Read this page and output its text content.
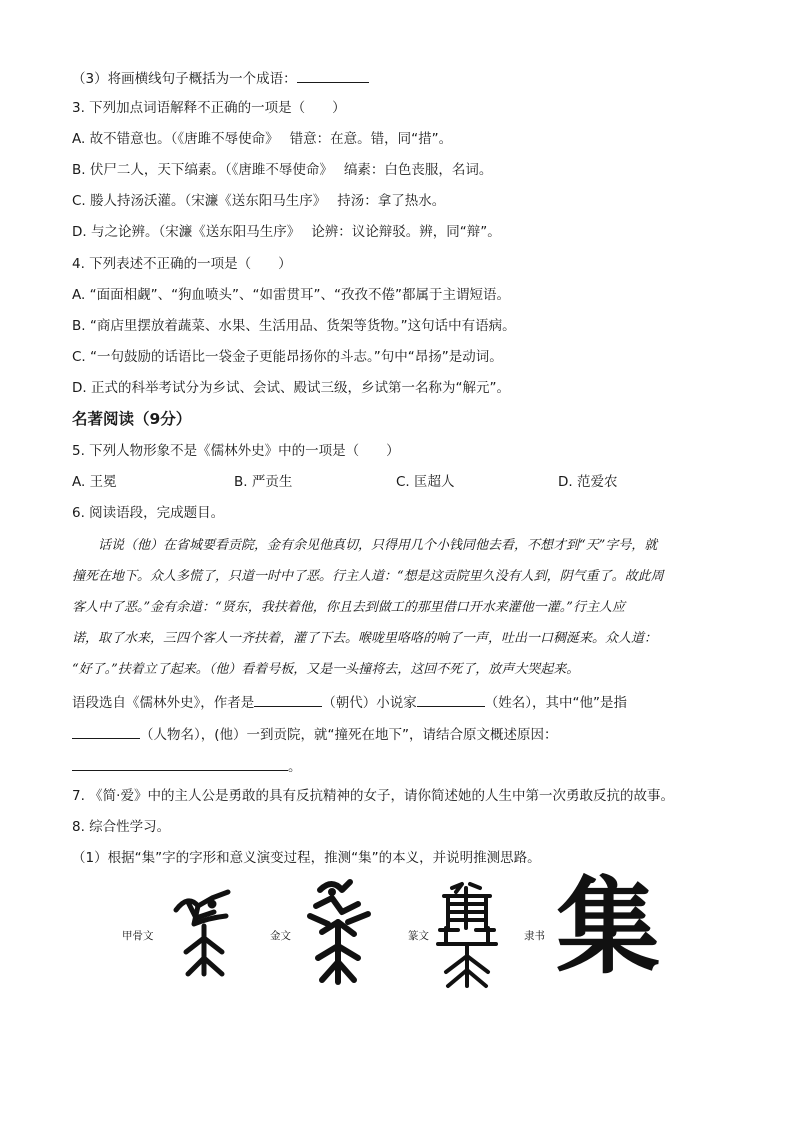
（3）将画横线句子概括为一个成语：
3. 下列加点词语解释不正确的一项是（　　）
A. 故不错意也。（《唐雎不辱使命》　 错意：在意。错，同“措”。
B. 伏尸二人，天下缟素。（《唐雎不辱使命》　 缟素：白色丧服，名词。
C. 媵人持汤沃灌。（宋濂《送东阳马生序》　 持汤：拿了热水。
D. 与之论辨。（宋濂《送东阳马生序》　 论辨：议论辩驳。辨，同“辩”。
4. 下列表述不正确的一项是（　　）
A. “面面相觑”、“狗血喷头”、“如雷贯耳”、“孜孜不倦”都属于主谓短语。
B. “商店里摆放着蔬菜、水果、生活用品、货架等货物。”这句话中有语病。
C. “一句鼓励的话语比一袋金子更能昂扬你的斗志。”句中“昂扬”是动词。
D. 正式的科举考试分为乡试、会试、殿试三级，乡试第一名称为“解元”。
名著阅读（9分）
5. 下列人物形象不是《儒林外史》中的一项是（　　）
A. 王冕	B. 严贡生	C. 匡超人	D. 范爱农
6. 阅读语段，完成题目。

　　话说（他）在省城要看贡院，金有余见他真切，只得用几个小钱同他去看，不想才到“天”字号，就

撞死在地下。众人多慌了，只道一时中了恶。行主人道：“想是这贡院里久没有人到，阴气重了。故此周

客人中了恶。”金有余道：“贤东，我扶着他，你且去到做工的那里借口开水来灌他一灌。”行主人应

诺，取了水来，三四个客人一齐扶着，灌了下去。喉咙里咯咯的响了一声，吐出一口稠涎来。众人道：

“好了。”扶着立了起来。（他）看着号板，又是一头撞将去，这回不死了，放声大哭起来。

语段选自《儒林外史》，作者是	（朝代）小说家	（姓名），其中“他”是指
（人物名），(他）一到贡院，就“撞死在地下”，请结合原文概述原因：
。
7. 《简·爱》中的主人公是勇敢的具有反抗精神的女子，请你简述她的人生中第一次勇敢反抗的故事。
8. 综合性学习。
（1）根据“集”字的字形和意义演变过程，推测“集”的本义，并说明推测思路。
甲骨文	金文	篆文	隶书 集
